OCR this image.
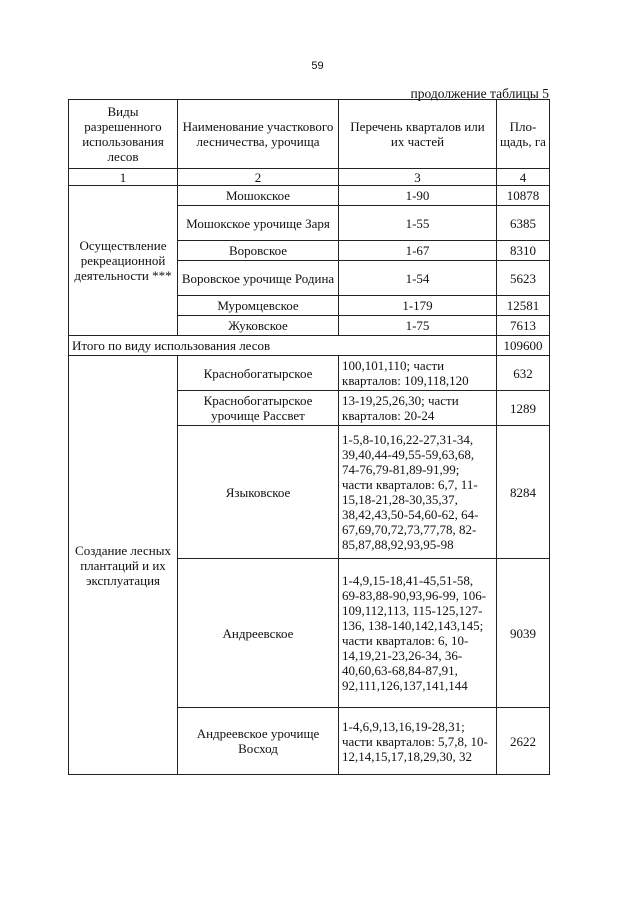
59
продолжение таблицы 5
Виды разрешенного использования лесов	Наименование участкового лесничества, урочища	Перечень кварталов или их частей	Пло-щадь, га
1	2	3	4
Осуществление рекреационной деятельности ***	Мошокское	1-90	10878
	Мошокское урочище Заря	1-55	6385
	Воровское	1-67	8310
	Воровское урочище Родина	1-54	5623
	Муромцевское	1-179	12581
	Жуковское	1-75	7613
Итого по виду использования лесов			109600
Создание лесных плантаций и их эксплуатация	Краснобогатырское	100,101,110; части кварталов: 109,118,120	632
	Краснобогатырское урочище Рассвет	13-19,25,26,30; части кварталов: 20-24	1289
	Языковское	1-5,8-10,16,22-27,31-34, 39,40,44-49,55-59,63,68, 74-76,79-81,89-91,99; части кварталов: 6,7, 11-15,18-21,28-30,35,37, 38,42,43,50-54,60-62, 64-67,69,70,72,73,77,78, 82-85,87,88,92,93,95-98	8284
	Андреевское	1-4,9,15-18,41-45,51-58, 69-83,88-90,93,96-99, 106-109,112,113, 115-125,127-136, 138-140,142,143,145; части кварталов: 6, 10-14,19,21-23,26-34, 36-40,60,63-68,84-87,91, 92,111,126,137,141,144	9039
	Андреевское урочище Восход	1-4,6,9,13,16,19-28,31; части кварталов: 5,7,8, 10-12,14,15,17,18,29,30, 32	2622
